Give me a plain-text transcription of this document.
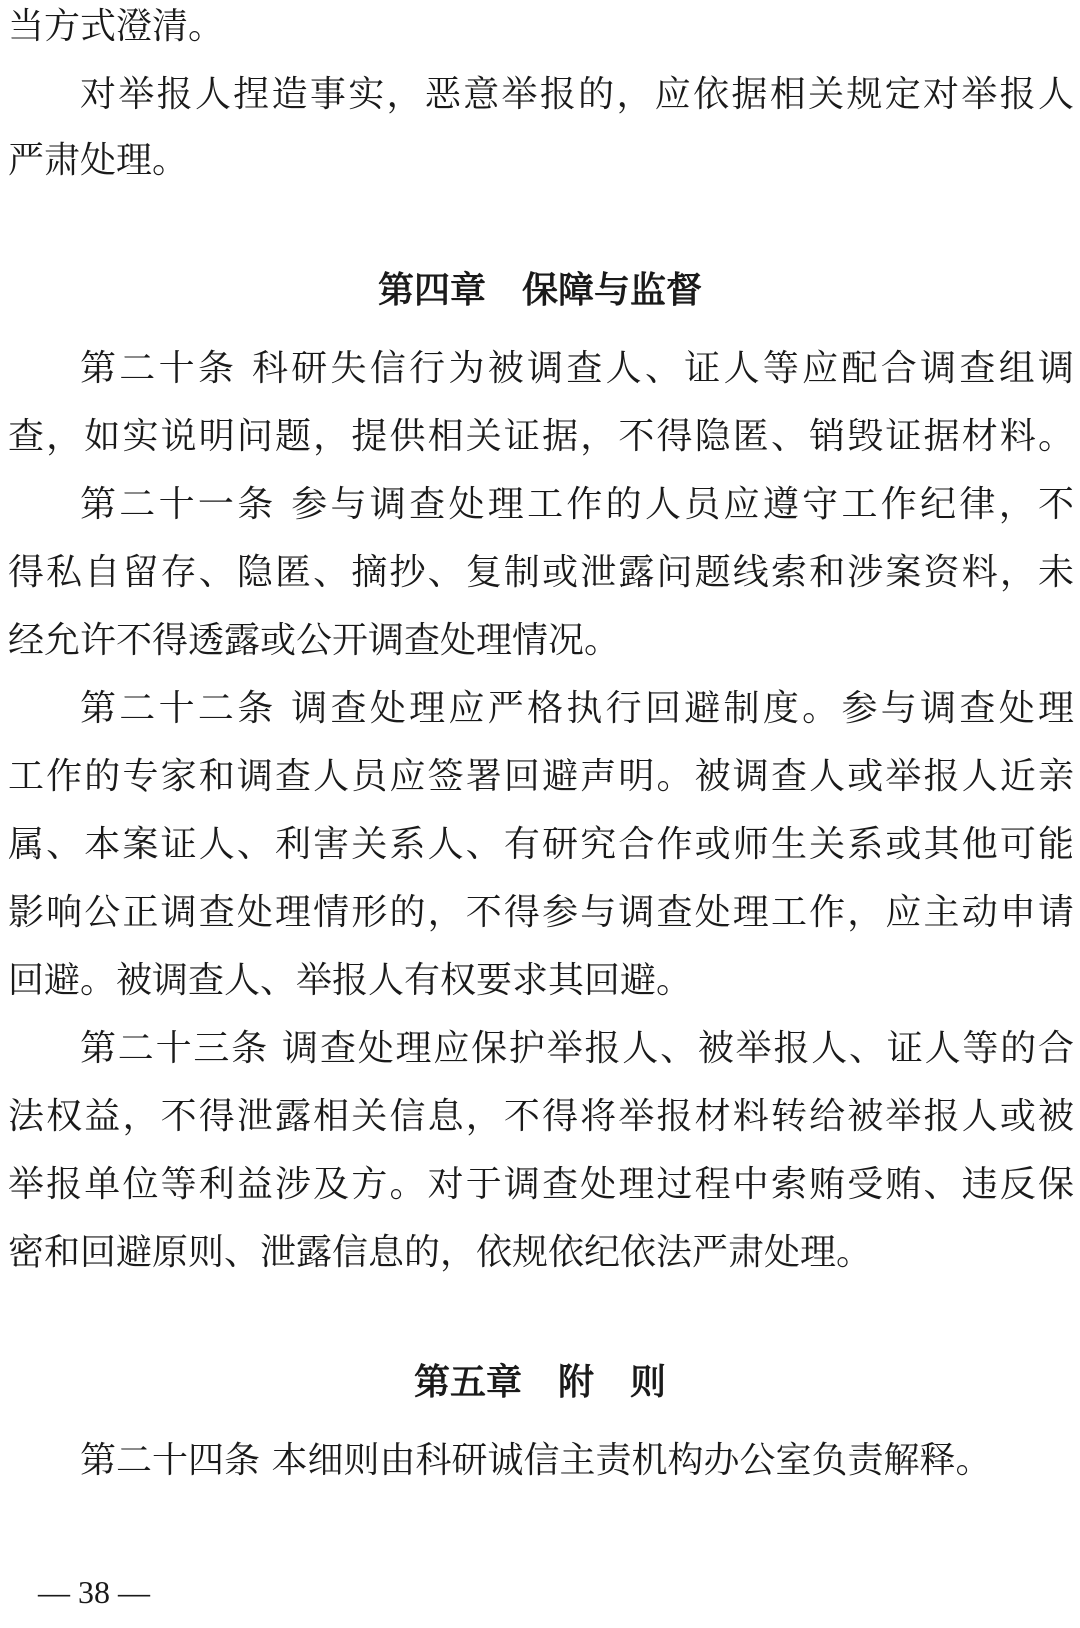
当方式澄清。
对举报人捏造事实，恶意举报的，应依据相关规定对举报人
严肃处理。
第四章　保障与监督
第二十条 科研失信行为被调查人、证人等应配合调查组调
查，如实说明问题，提供相关证据，不得隐匿、销毁证据材料。
第二十一条 参与调查处理工作的人员应遵守工作纪律，不
得私自留存、隐匿、摘抄、复制或泄露问题线索和涉案资料，未
经允许不得透露或公开调查处理情况。
第二十二条 调查处理应严格执行回避制度。参与调查处理
工作的专家和调查人员应签署回避声明。被调查人或举报人近亲
属、本案证人、利害关系人、有研究合作或师生关系或其他可能
影响公正调查处理情形的，不得参与调查处理工作，应主动申请
回避。被调查人、举报人有权要求其回避。
第二十三条 调查处理应保护举报人、被举报人、证人等的合
法权益，不得泄露相关信息，不得将举报材料转给被举报人或被
举报单位等利益涉及方。对于调查处理过程中索贿受贿、违反保
密和回避原则、泄露信息的，依规依纪依法严肃处理。
第五章　附　则
第二十四条 本细则由科研诚信主责机构办公室负责解释。
— 38 —
